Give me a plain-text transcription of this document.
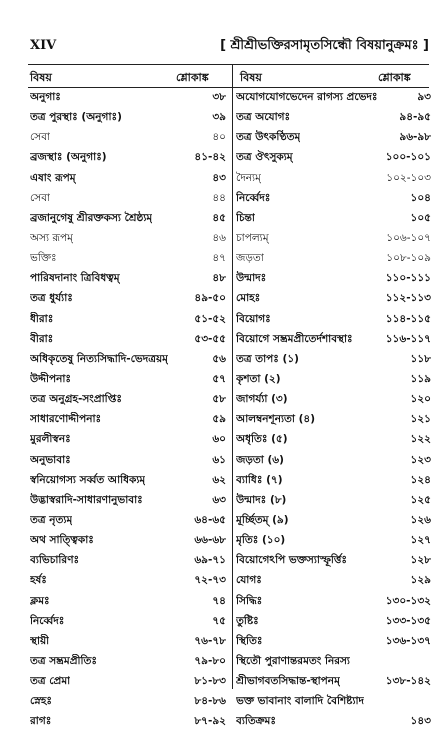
XIV	[ শ্রীশ্রীভক্তিরসামৃতসিন্ধৌ বিষয়ানুক্রমঃ ]
বিষয়	শ্লোকাঙ্ক	বিষয়	শ্লোকাঙ্ক
অনুগাঃ	৩৮
তত্র পুরস্থাঃ (অনুগাঃ)	৩৯
সেবা	৪০
ব্রজস্থাঃ (অনুগাঃ)	৪১-৪২
এষাং রূপম্	৪৩
সেবা	৪৪
ব্রজানুগেষু শ্রীরক্তকস্য শ্রৈষ্ঠ্যম্	৪৫
অস্য রূপম্	৪৬
ভক্তিঃ	৪৭
পারিষদানাং ত্রিবিধত্বম্	৪৮
তত্র ধুর্য্যাঃ	৪৯-৫০
ধীরাঃ	৫১-৫২
বীরাঃ	৫৩-৫৫
অধিকৃতেষু নিত্যসিদ্ধাদি-ভেদত্রয়ম্	৫৬
উদ্দীপনাঃ	৫৭
তত্র অনুগ্রহ-সংপ্রাপ্তিঃ	৫৮
সাধারণোদ্দীপনাঃ	৫৯
মুরলীস্বনঃ	৬০
অনুভাবাঃ	৬১
স্বনিয়োগস্য সর্ব্বত আধিক্যম্	৬২
উদ্ভাস্বরাদি-সাধারণানুভাবাঃ	৬৩
তত্র নৃত্যম্	৬৪-৬৫
অথ সাত্ত্বিকাঃ	৬৬-৬৮
ব্যভিচারিণঃ	৬৯-৭১
হর্ষঃ	৭২-৭৩
ক্লমঃ	৭৪
নির্ব্বেদঃ	৭৫
স্থায়ী	৭৬-৭৮
তত্র সম্ভ্রমপ্রীতিঃ	৭৯-৮০
তত্র প্রেমা	৮১-৮৩
স্নেহঃ	৮৪-৮৬
রাগঃ	৮৭-৯২
অযোগযোগভেদেন রাগস্য প্রভেদঃ	৯৩
তত্র অযোগঃ	৯৪-৯৫
তত্র উৎকণ্ঠিতম্	৯৬-৯৮
তত্র ঔৎসুক্যম্	১০০-১০১
দৈন্যম্	১০২-১০৩
নির্ব্বেদঃ	১০৪
চিন্তা	১০৫
চাপল্যম্	১০৬-১০৭
জড়তা	১০৮-১০৯
উন্মাদঃ	১১০-১১১
মোহঃ	১১২-১১৩
বিয়োগঃ	১১৪-১১৫
বিয়োগে সম্ভ্রমপ্রীতের্দশাবস্থাঃ	১১৬-১১৭
তত্র তাপঃ (১)	১১৮
কৃশতা (২)	১১৯
জাগর্য্যা (৩)	১২০
আলম্বনশূন্যতা (৪)	১২১
অধৃতিঃ (৫)	১২২
জড়তা (৬)	১২৩
ব্যাধিঃ (৭)	১২৪
উন্মাদঃ (৮)	১২৫
মূর্চ্ছিতম্ (৯)	১২৬
মৃতিঃ (১০)	১২৭
বিয়োগেঽপি ভক্তস্যাস্ফূর্ত্তিঃ	১২৮
যোগঃ	১২৯
সিদ্ধিঃ	১৩০-১৩২
তুষ্টিঃ	১৩৩-১৩৫
স্থিতিঃ	১৩৬-১৩৭
স্থিতৌ পুরাণান্তরমতং নিরস্য
শ্রীভাগবতসিদ্ধান্ত-স্থাপনম্	১৩৮-১৪২
ভক্ত ভাবানাং বালাদি বৈশিষ্ট্যাদ
ব্যতিক্রমঃ	১৪৩
